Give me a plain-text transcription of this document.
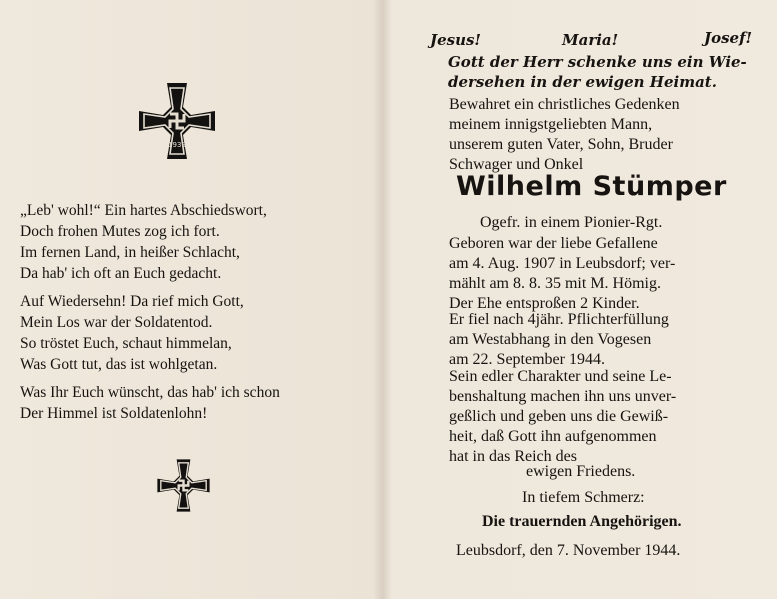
1939
„Leb' wohl!“ Ein hartes Abschiedswort,
Doch frohen Mutes zog ich fort.
Im fernen Land, in heißer Schlacht,
Da hab' ich oft an Euch gedacht.
Auf Wiedersehn! Da rief mich Gott,
Mein Los war der Soldatentod.
So tröstet Euch, schaut himmelan,
Was Gott tut, das ist wohlgetan.
Was Ihr Euch wünscht, das hab' ich schon
Der Himmel ist Soldatenlohn!
Jesus!	Maria!	Josef!
Gott der Herr schenke uns ein Wie-
dersehen in der ewigen Heimat.
Bewahret ein christliches Gedenken
meinem innigstgeliebten Mann,
unserem guten Vater, Sohn, Bruder
Schwager und Onkel
Wilhelm Stümper
Ogefr. in einem Pionier-Rgt.
Geboren war der liebe Gefallene
am 4. Aug. 1907 in Leubsdorf; ver-
mählt am 8. 8. 35 mit M. Hömig.
Der Ehe entsproßen 2 Kinder.
Er fiel nach 4jähr. Pflichterfüllung
am Westabhang in den Vogesen
am 22. September 1944.
Sein edler Charakter und seine Le-
benshaltung machen ihn uns unver-
geßlich und geben uns die Gewiß-
heit, daß Gott ihn aufgenommen
hat in das Reich des
ewigen Friedens.
In tiefem Schmerz:
Die trauernden Angehörigen.
Leubsdorf, den 7. November 1944.
